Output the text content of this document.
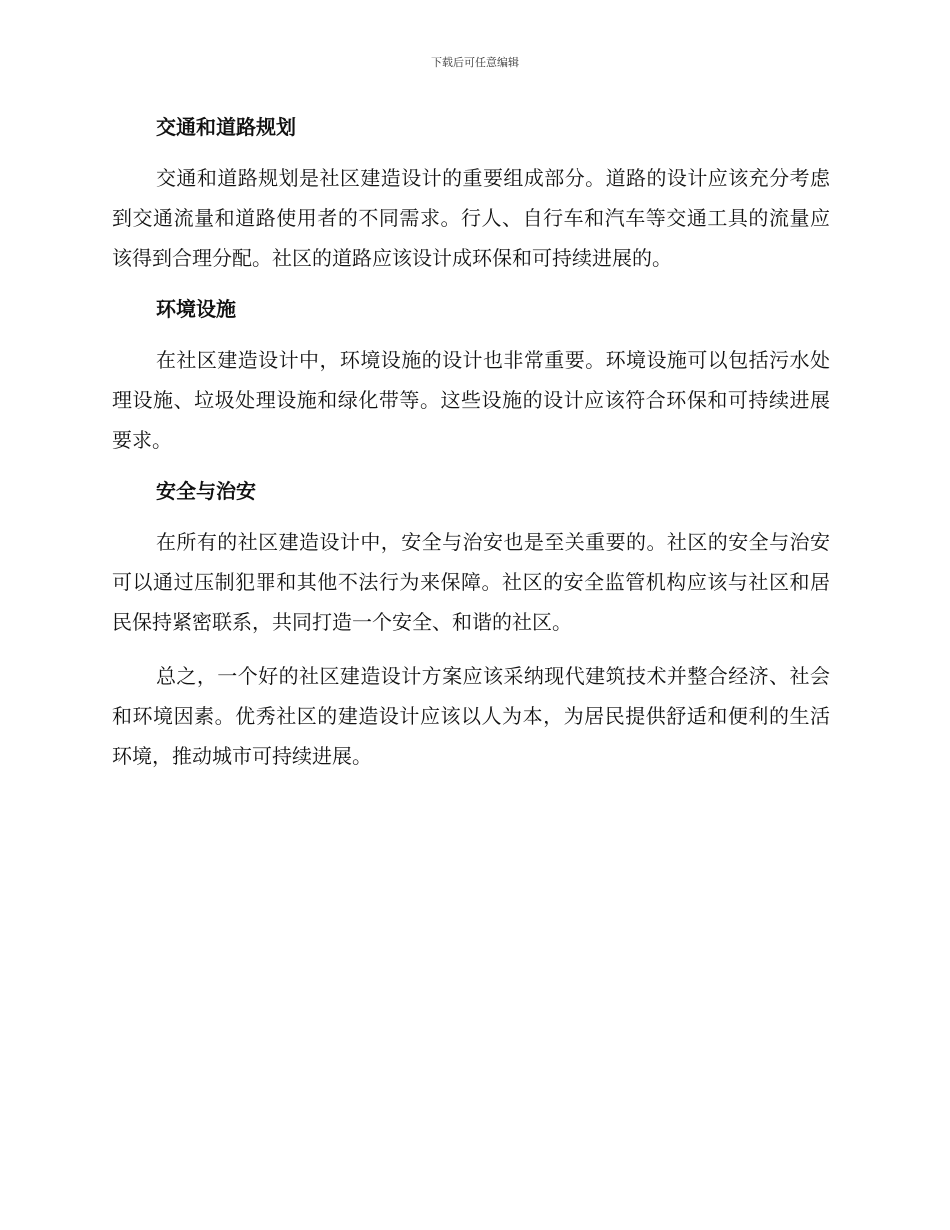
下载后可任意编辑
交通和道路规划

交通和道路规划是社区建造设计的重要组成部分。道路的设计应该充分考虑到交通流量和道路使用者的不同需求。行人、自行车和汽车等交通工具的流量应该得到合理分配。社区的道路应该设计成环保和可持续进展的。

环境设施

在社区建造设计中，环境设施的设计也非常重要。环境设施可以包括污水处理设施、垃圾处理设施和绿化带等。这些设施的设计应该符合环保和可持续进展要求。

安全与治安

在所有的社区建造设计中，安全与治安也是至关重要的。社区的安全与治安可以通过压制犯罪和其他不法行为来保障。社区的安全监管机构应该与社区和居民保持紧密联系，共同打造一个安全、和谐的社区。

总之，一个好的社区建造设计方案应该采纳现代建筑技术并整合经济、社会和环境因素。优秀社区的建造设计应该以人为本，为居民提供舒适和便利的生活环境，推动城市可持续进展。
